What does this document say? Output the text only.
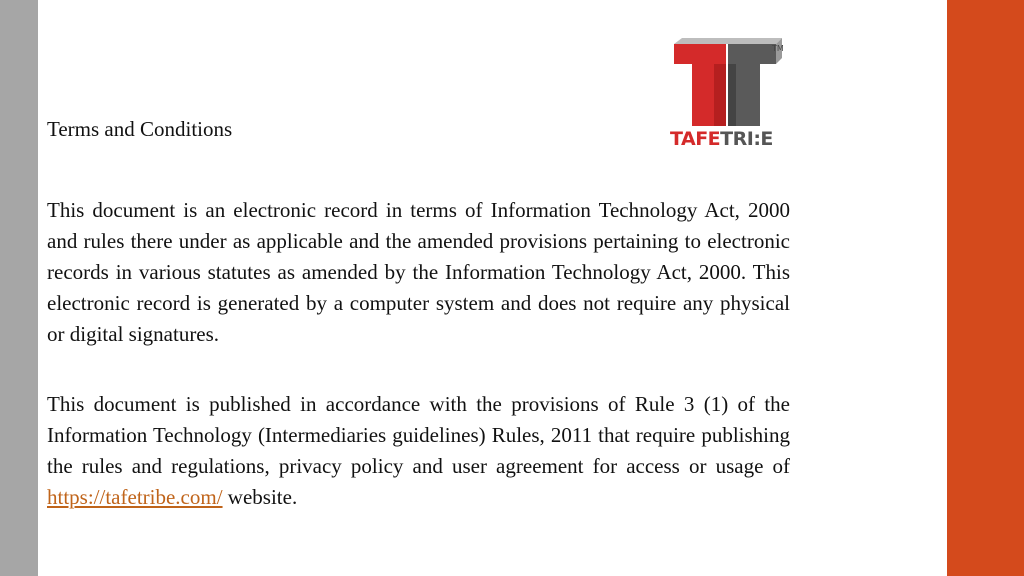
TM
TAFETRI:E
Terms and Conditions

This document is an electronic record in terms of Information Technology Act, 2000 and rules there under as applicable and the amended provisions pertaining to electronic records in various statutes as amended by the Information Technology Act, 2000. This electronic record is generated by a computer system and does not require any physical or digital signatures.

This document is published in accordance with the provisions of Rule 3 (1) of the Information Technology (Intermediaries guidelines) Rules, 2011 that require publishing the rules and regulations, privacy policy and user agreement for access or usage of https://tafetribe.com/ website.
